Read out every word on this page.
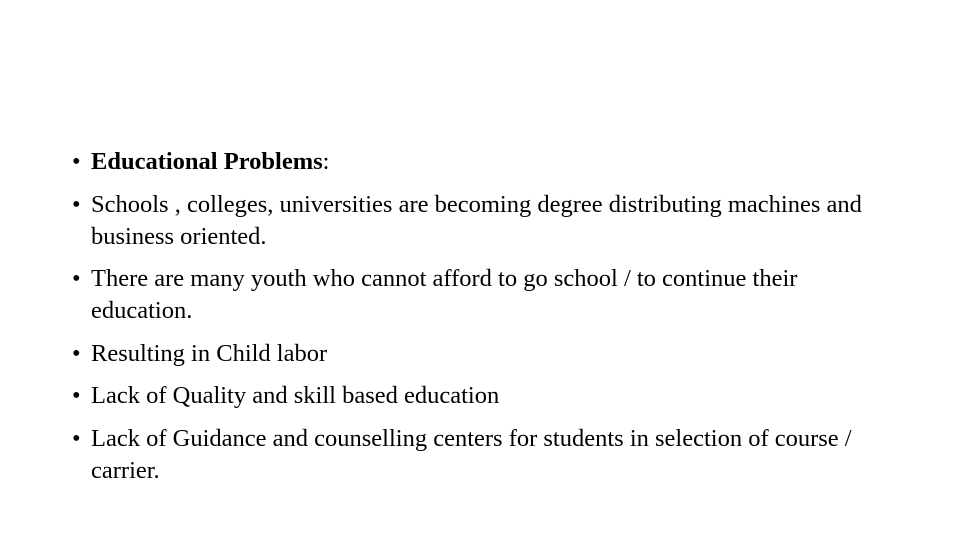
• Educational Problems:
• Schools , colleges, universities are becoming degree distributing machines and business oriented.
• There are many youth who cannot afford to go school / to continue their education.
• Resulting in Child labor
• Lack of Quality and skill based education
• Lack of Guidance and counselling centers for students in selection of course / carrier.
